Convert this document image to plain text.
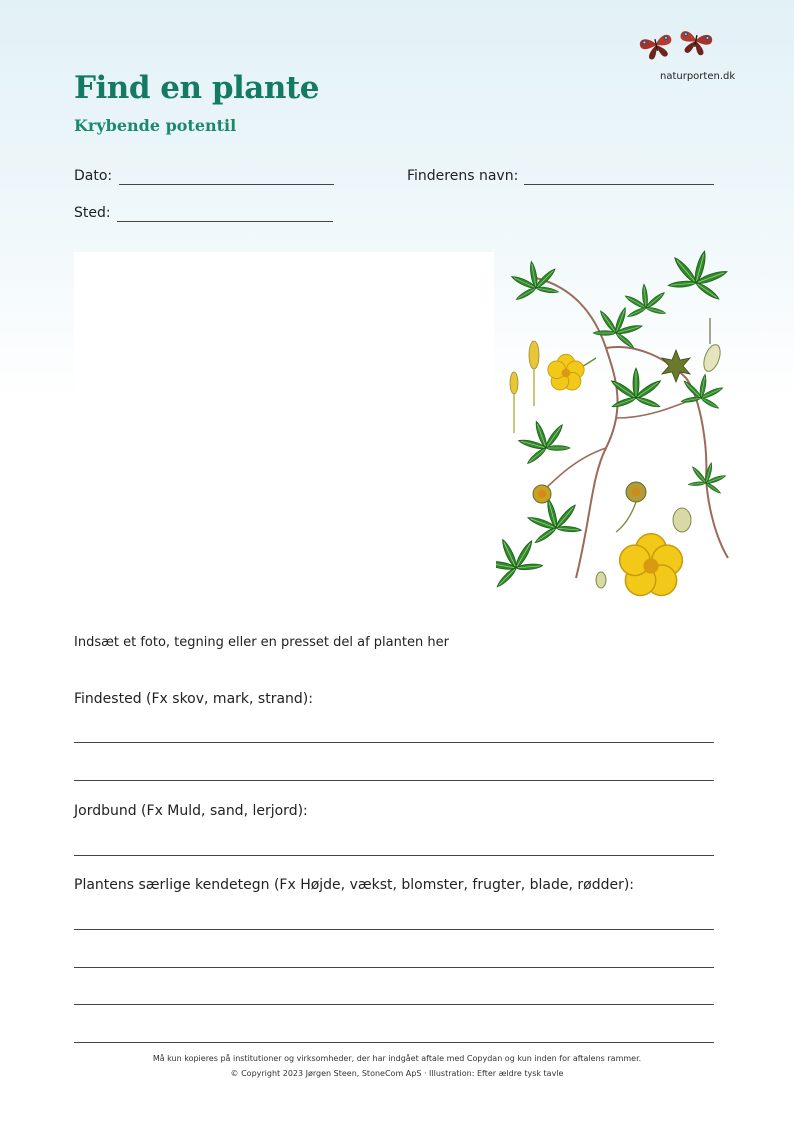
naturporten.dk
Find en plante
Krybende potentil
Dato:	Finderens navn:
Sted:
Indsæt et foto, tegning eller en presset del af planten her
Findested (Fx skov, mark, strand):
Jordbund (Fx Muld, sand, lerjord):
Plantens særlige kendetegn (Fx Højde, vækst, blomster, frugter, blade, rødder):
Må kun kopieres på institutioner og virksomheder, der har indgået aftale med Copydan og kun inden for aftalens rammer.
© Copyright 2023 Jørgen Steen, StoneCom ApS · Illustration: Efter ældre tysk tavle
